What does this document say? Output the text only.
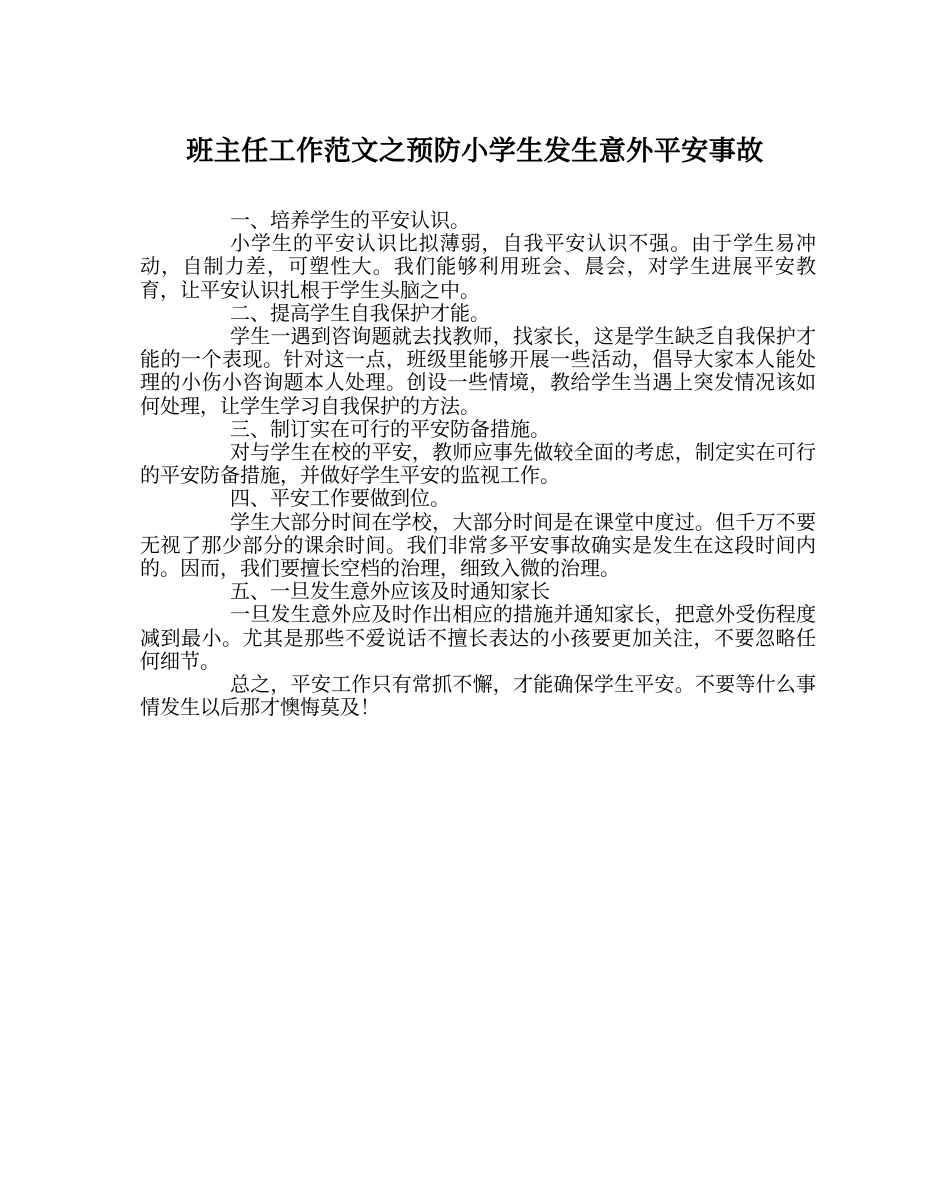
班主任工作范文之预防小学生发生意外平安事故

一、培养学生的平安认识。

小学生的平安认识比拟薄弱，自我平安认识不强。由于学生易冲动，自制力差，可塑性大。我们能够利用班会、晨会，对学生进展平安教育，让平安认识扎根于学生头脑之中。

二、提高学生自我保护才能。

学生一遇到咨询题就去找教师，找家长，这是学生缺乏自我保护才能的一个表现。针对这一点，班级里能够开展一些活动，倡导大家本人能处理的小伤小咨询题本人处理。创设一些情境，教给学生当遇上突发情况该如何处理，让学生学习自我保护的方法。

三、制订实在可行的平安防备措施。

对与学生在校的平安，教师应事先做较全面的考虑，制定实在可行的平安防备措施，并做好学生平安的监视工作。

四、平安工作要做到位。

学生大部分时间在学校，大部分时间是在课堂中度过。但千万不要无视了那少部分的课余时间。我们非常多平安事故确实是发生在这段时间内的。因而，我们要擅长空档的治理，细致入微的治理。

五、一旦发生意外应该及时通知家长

一旦发生意外应及时作出相应的措施并通知家长，把意外受伤程度减到最小。尤其是那些不爱说话不擅长表达的小孩要更加关注，不要忽略任何细节。

总之，平安工作只有常抓不懈，才能确保学生平安。不要等什么事情发生以后那才懊悔莫及！
